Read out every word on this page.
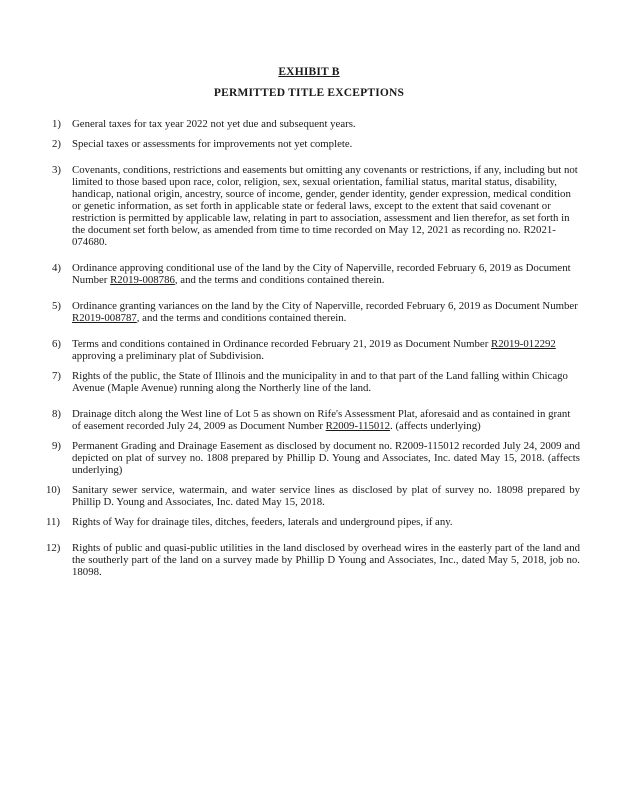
EXHIBIT B
PERMITTED TITLE EXCEPTIONS
1) General taxes for tax year 2022 not yet due and subsequent years.
2) Special taxes or assessments for improvements not yet complete.
3) Covenants, conditions, restrictions and easements but omitting any covenants or restrictions, if any, including but not limited to those based upon race, color, religion, sex, sexual orientation, familial status, marital status, disability, handicap, national origin, ancestry, source of income, gender, gender identity, gender expression, medical condition or genetic information, as set forth in applicable state or federal laws, except to the extent that said covenant or restriction is permitted by applicable law, relating in part to association, assessment and lien therefor, as set forth in the document set forth below, as amended from time to time recorded on May 12, 2021 as recording no. R2021-074680.
4) Ordinance approving conditional use of the land by the City of Naperville, recorded February 6, 2019 as Document Number R2019-008786, and the terms and conditions contained therein.
5) Ordinance granting variances on the land by the City of Naperville, recorded February 6, 2019 as Document Number R2019-008787, and the terms and conditions contained therein.
6) Terms and conditions contained in Ordinance recorded February 21, 2019 as Document Number R2019-012292 approving a preliminary plat of Subdivision.
7) Rights of the public, the State of Illinois and the municipality in and to that part of the Land falling within Chicago Avenue (Maple Avenue) running along the Northerly line of the land.
8) Drainage ditch along the West line of Lot 5 as shown on Rife's Assessment Plat, aforesaid and as contained in grant of easement recorded July 24, 2009 as Document Number R2009-115012. (affects underlying)
9) Permanent Grading and Drainage Easement as disclosed by document no. R2009-115012 recorded July 24, 2009 and depicted on plat of survey no. 1808 prepared by Phillip D. Young and Associates, Inc. dated May 15, 2018. (affects underlying)
10) Sanitary sewer service, watermain, and water service lines as disclosed by plat of survey no. 18098 prepared by Phillip D. Young and Associates, Inc. dated May 15, 2018.
11) Rights of Way for drainage tiles, ditches, feeders, laterals and underground pipes, if any.
12) Rights of public and quasi-public utilities in the land disclosed by overhead wires in the easterly part of the land and the southerly part of the land on a survey made by Phillip D Young and Associates, Inc., dated May 5, 2018, job no. 18098.
